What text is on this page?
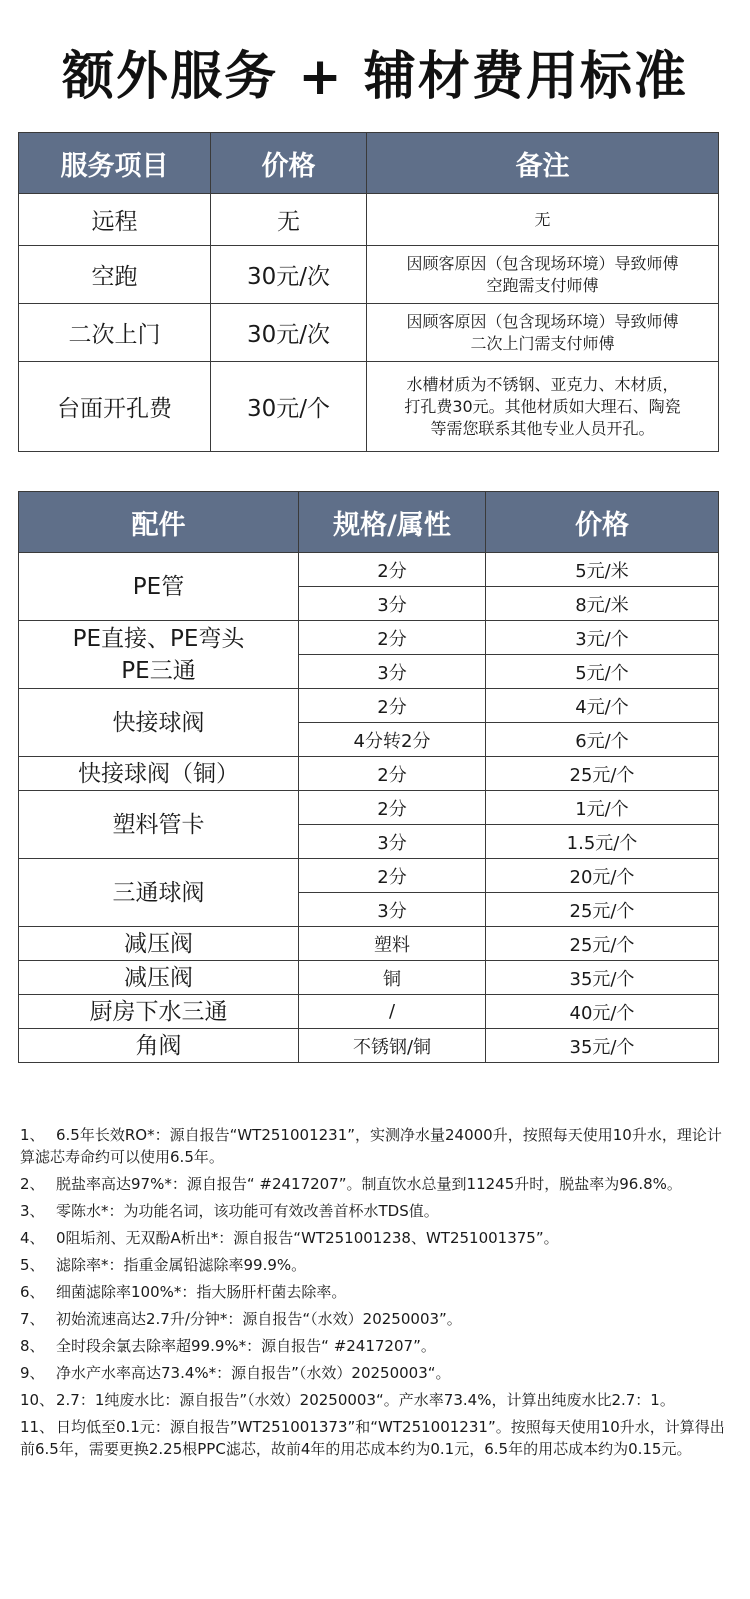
额外服务 + 辅材费用标准
服务项目	价格	备注
远程	无	无

空跑	30元/次	因顾客原因（包含现场环境）导致师傅
空跑需支付师傅

二次上门	30元/次	因顾客原因（包含现场环境）导致师傅
二次上门需支付师傅

台面开孔费	30元/个	水槽材质为不锈钢、亚克力、木材质，
打孔费30元。其他材质如大理石、陶瓷
等需您联系其他专业人员开孔。
配件	规格/属性	价格

PE管	2分	5元/米
	3分	8元/米

PE直接、PE弯头
PE三通	2分	3元/个
	3分	5元/个

快接球阀	2分	4元/个
	4分转2分	6元/个

快接球阀（铜）	2分	25元/个

塑料管卡	2分	1元/个
	3分	1.5元/个

三通球阀	2分	20元/个
	3分	25元/个

减压阀	塑料	25元/个

减压阀	铜	35元/个

厨房下水三通	/	40元/个

角阀	不锈钢/铜	35元/个

1、 6.5年长效RO*：源自报告“WT251001231”，实测净水量24000升，按照每天使用10升水，理论计算滤芯寿命约可以使用6.5年。

2、 脱盐率高达97%*：源自报告“ #2417207”。制直饮水总量到11245升时，脱盐率为96.8%。

3、 零陈水*：为功能名词，该功能可有效改善首杯水TDS值。

4、 0阻垢剂、无双酚A析出*：源自报告“WT251001238、WT251001375”。

5、 滤除率*：指重金属铅滤除率99.9%。

6、 细菌滤除率100%*：指大肠肝杆菌去除率。

7、 初始流速高达2.7升/分钟*：源自报告“（水效）20250003”。

8、 全时段余氯去除率超99.9%*：源自报告“ #2417207”。

9、 净水产水率高达73.4%*：源自报告”（水效）20250003“。

10、 2.7：1纯废水比：源自报告”（水效）20250003“。产水率73.4%，计算出纯废水比2.7：1。

11、 日均低至0.1元：源自报告”WT251001373”和“WT251001231”。按照每天使用10升水，计算得出前6.5年，需要更换2.25根PPC滤芯，故前4年的用芯成本约为0.1元，6.5年的用芯成本约为0.15元。
